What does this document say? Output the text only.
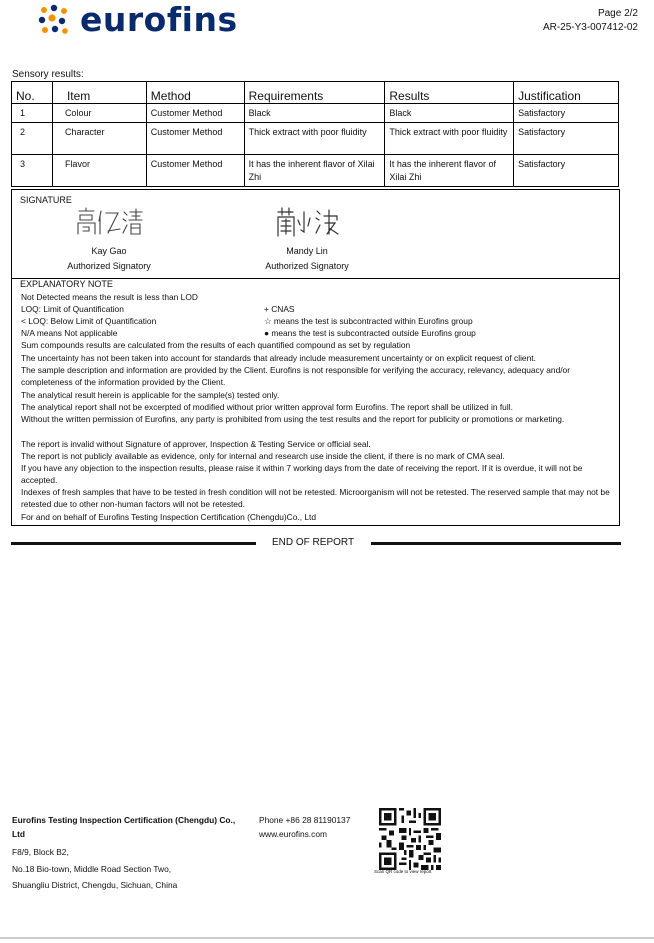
eurofins	Page 2/2
AR-25-Y3-007412-02
Sensory results:
No.	Item	Method	Requirements	Results	Justification
1	Colour	Customer Method	Black	Black	Satisfactory
2	Character	Customer Method	Thick extract with poor fluidity	Thick extract with poor fluidity	Satisfactory
3	Flavor	Customer Method	It has the inherent flavor of Xilai Zhi	It has the inherent flavor of Xilai Zhi	Satisfactory
SIGNATURE
Kay Gao
Authorized Signatory
Mandy Lin
Authorized Signatory
EXPLANATORY NOTE
Not Detected means the result is less than LOD
LOQ: Limit of Quantification
< LOQ: Below Limit of Quantification
N/A means Not applicable
+ CNAS
☆ means the test is subcontracted within Eurofins group
● means the test is subcontracted outside Eurofins group
Sum compounds results are calculated from the results of each quantified compound as set by regulation
The uncertainty has not been taken into account for standards that already include measurement uncertainty or on explicit request of client.
The sample description and information are provided by the Client. Eurofins is not responsible for verifying the accuracy, relevancy, adequacy and/or completeness of the information provided by the Client.
The analytical result herein is applicable for the sample(s) tested only.
The analytical report shall not be excerpted of modified without prior written approval form Eurofins. The report shall be utilized in full.
Without the written permission of Eurofins, any party is prohibited from using the test results and the report for publicity or promotions or marketing.
The report is invalid without Signature of approver, Inspection & Testing Service or official seal.
The report is not publicly available as evidence, only for internal and research use inside the client, if there is no mark of CMA seal.
If you have any objection to the inspection results, please raise it within 7 working days from the date of receiving the report. If it is overdue, it will not be accepted.
Indexes of fresh samples that have to be tested in fresh condition will not be retested. Microorganism will not be retested. The reserved sample that may not be retested due to other non-human factors will not be retested.
For and on behalf of Eurofins Testing Inspection Certification (Chengdu)Co., Ltd
END OF REPORT
Eurofins Testing Inspection Certification (Chengdu) Co., Ltd
F8/9, Block B2,
No.18 Bio-town, Middle Road Section Two,
Shuangliu District, Chengdu, Sichuan, China
Phone +86 28 81190137
www.eurofins.com
Scan QR code to view report
